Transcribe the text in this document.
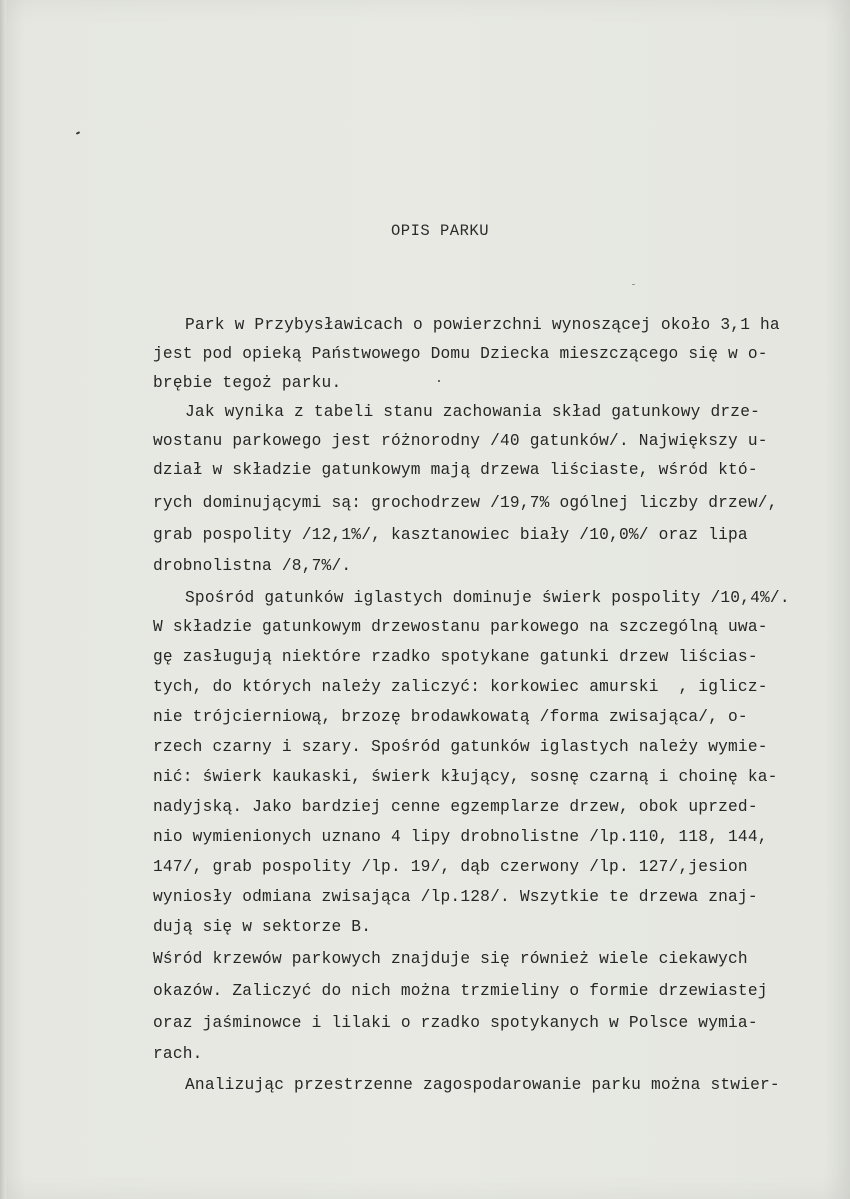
OPIS PARKU
Park w Przybysławicach o powierzchni wynoszącej około 3,1 ha
jest pod opieką Państwowego Domu Dziecka mieszczącego się w o-
brębie tegoż parku.
Jak wynika z tabeli stanu zachowania skład gatunkowy drze-
wostanu parkowego jest różnorodny /40 gatunków/. Największy u-
dział w składzie gatunkowym mają drzewa liściaste, wśród któ-
rych dominującymi są: grochodrzew /19,7% ogólnej liczby drzew/,
grab pospolity /12,1%/, kasztanowiec biały /10,0%/ oraz lipa
drobnolistna /8,7%/.
Spośród gatunków iglastych dominuje świerk pospolity /10,4%/.
W składzie gatunkowym drzewostanu parkowego na szczególną uwa-
gę zasługują niektóre rzadko spotykane gatunki drzew liścias-
tych, do których należy zaliczyć: korkowiec amurski  , iglicz-
nie trójcierniową, brzozę brodawkowatą /forma zwisająca/, o-
rzech czarny i szary. Spośród gatunków iglastych należy wymie-
nić: świerk kaukaski, świerk kłujący, sosnę czarną i choinę ka-
nadyjską. Jako bardziej cenne egzemplarze drzew, obok uprzed-
nio wymienionych uznano 4 lipy drobnolistne /lp.110, 118, 144,
147/, grab pospolity /lp. 19/, dąb czerwony /lp. 127/,jesion
wyniosły odmiana zwisająca /lp.128/. Wszytkie te drzewa znaj-
dują się w sektorze B.
Wśród krzewów parkowych znajduje się również wiele ciekawych
okazów. Zaliczyć do nich można trzmieliny o formie drzewiastej
oraz jaśminowce i lilaki o rzadko spotykanych w Polsce wymia-
rach.
Analizując przestrzenne zagospodarowanie parku można stwier-
